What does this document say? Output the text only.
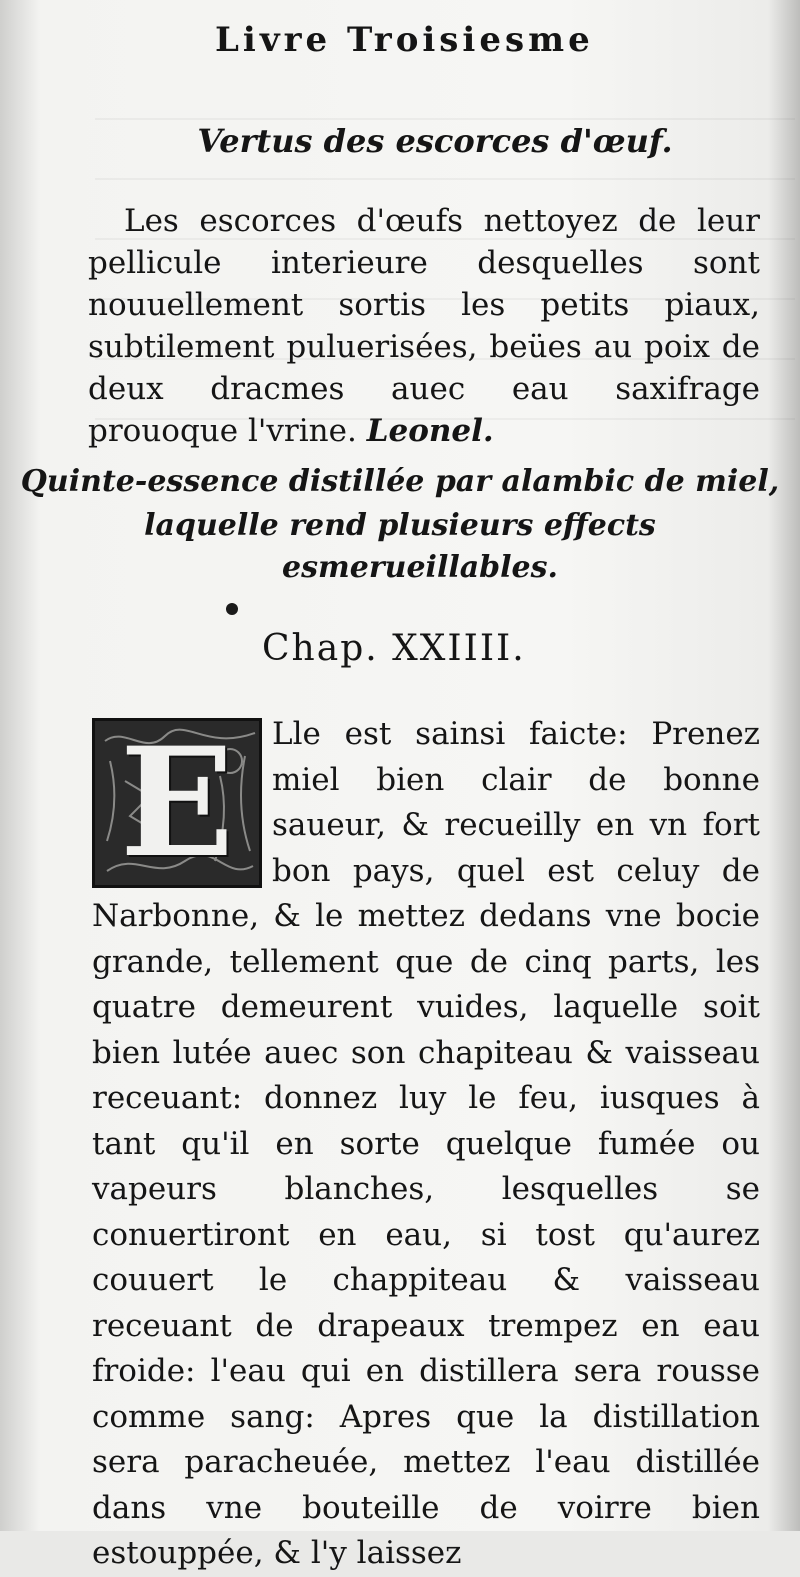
Livre Troisiesme
Vertus des escorces d'œuf.
Les escorces d'œufs nettoyez de leur pellicule interieure desquelles sont nouuellement sortis les petits piaux, subtilement puluerisées, beües au poix de deux dracmes auec eau saxifrage prouoque l'vrine. Leonel.
Quinte-essence distillée par alambic de miel,
laquelle rend plusieurs effects
esmerueillables.
Chap. XXIIII.
E	Lle est sainsi faicte: Prenez miel bien clair de bonne saueur, & recueilly en vn fort bon pays, quel est celuy de Narbonne, & le mettez dedans vne bocie grande, tellement que de cinq parts, les quatre demeurent vuides, laquelle soit bien lutée auec son chapiteau & vaisseau receuant: donnez luy le feu, iusques à tant qu'il en sorte quelque fumée ou vapeurs blanches, lesquelles se conuertiront en eau, si tost qu'aurez couuert le chappiteau & vaisseau receuant de drapeaux trempez en eau froide: l'eau qui en distillera sera rousse comme sang: Apres que la distillation sera paracheuée, mettez l'eau distillée dans vne bouteille de voirre bien estouppée, & l'y laissez
